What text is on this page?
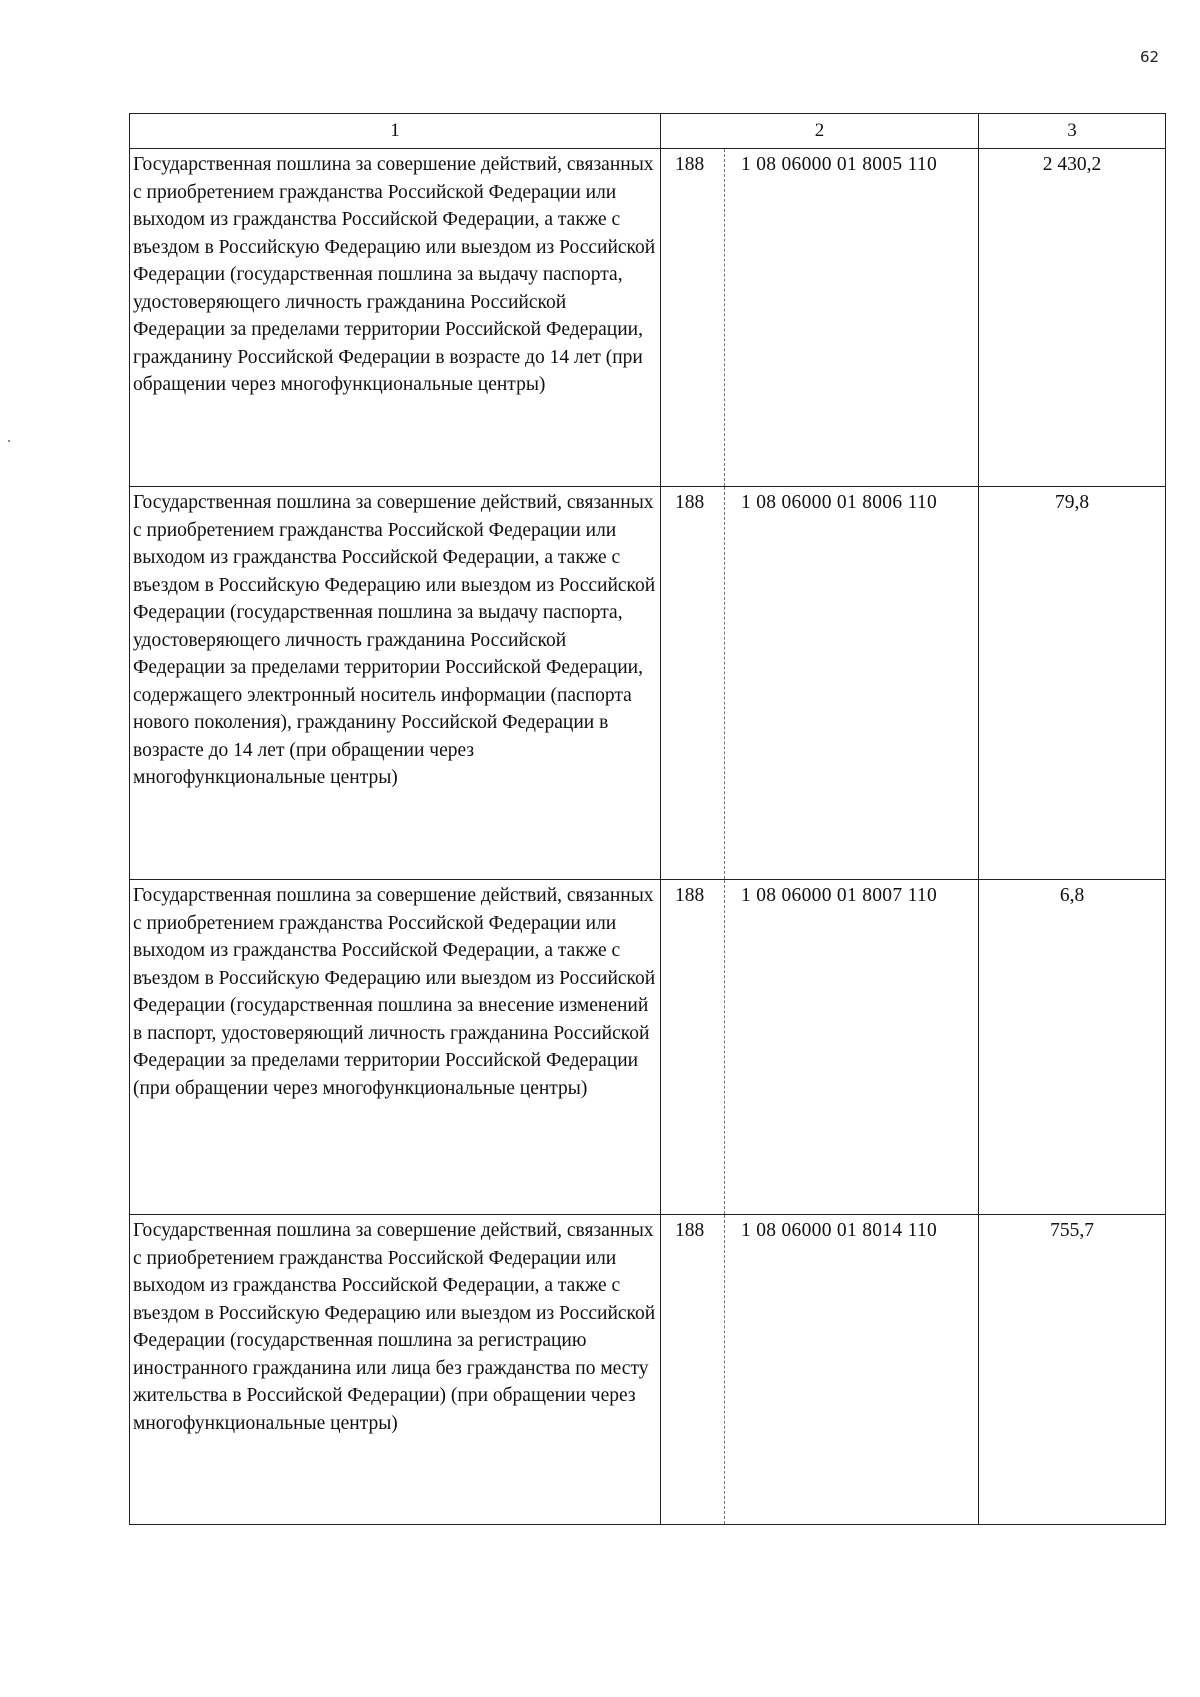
62
1	2	3
Государственная пошлина за совершение действий, связанных с приобретением гражданства Российской Федерации или выходом из гражданства Российской Федерации, а также с въездом в Российскую Федерацию или выездом из Российской Федерации (государственная пошлина за выдачу паспорта, удостоверяющего личность гражданина Российской Федерации за пределами территории Российской Федерации, гражданину Российской Федерации в возрасте до 14 лет (при обращении через многофункциональные центры)	188 1 08 06000 01 8005 110	2 430,2
Государственная пошлина за совершение действий, связанных с приобретением гражданства Российской Федерации или выходом из гражданства Российской Федерации, а также с въездом в Российскую Федерацию или выездом из Российской Федерации (государственная пошлина за выдачу паспорта, удостоверяющего личность гражданина Российской Федерации за пределами территории Российской Федерации, содержащего электронный носитель информации (паспорта нового поколения), гражданину Российской Федерации в возрасте до 14 лет (при обращении через многофункциональные центры)	188 1 08 06000 01 8006 110	79,8
Государственная пошлина за совершение действий, связанных с приобретением гражданства Российской Федерации или выходом из гражданства Российской Федерации, а также с въездом в Российскую Федерацию или выездом из Российской Федерации (государственная пошлина за внесение изменений в паспорт, удостоверяющий личность гражданина Российской Федерации за пределами территории Российской Федерации (при обращении через многофункциональные центры)	188 1 08 06000 01 8007 110	6,8
Государственная пошлина за совершение действий, связанных с приобретением гражданства Российской Федерации или выходом из гражданства Российской Федерации, а также с въездом в Российскую Федерацию или выездом из Российской Федерации (государственная пошлина за регистрацию иностранного гражданина или лица без гражданства по месту жительства в Российской Федерации) (при обращении через многофункциональные центры)	188 1 08 06000 01 8014 110	755,7
